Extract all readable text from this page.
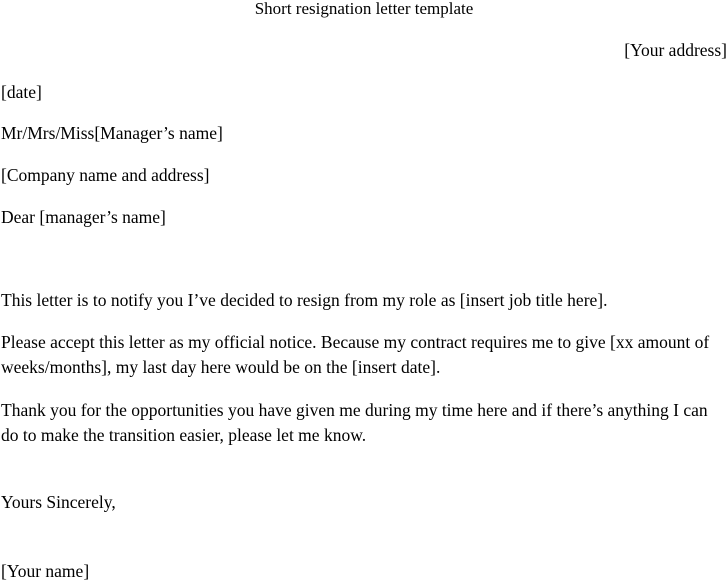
Short resignation letter template

[Your address]

[date]

Mr/Mrs/Miss[Manager’s name]

[Company name and address]

Dear [manager’s name]

This letter is to notify you I’ve decided to resign from my role as [insert job title here].

Please accept this letter as my official notice. Because my contract requires me to give [xx amount of weeks/months], my last day here would be on the [insert date].

Thank you for the opportunities you have given me during my time here and if there’s anything I can do to make the transition easier, please let me know.

Yours Sincerely,

[Your name]
